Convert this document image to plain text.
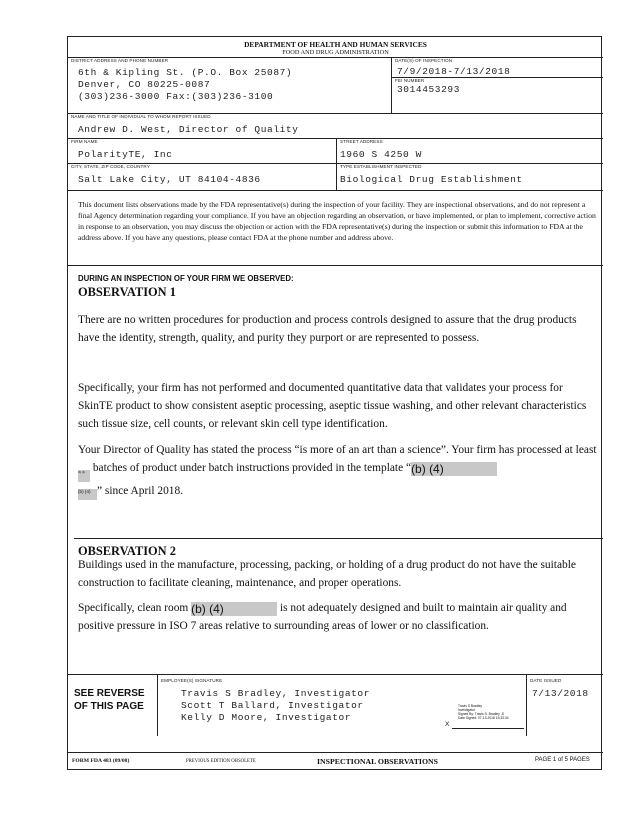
DEPARTMENT OF HEALTH AND HUMAN SERVICES
FOOD AND DRUG ADMINISTRATION
DISTRICT ADDRESS AND PHONE NUMBER
6th & Kipling St. (P.O. Box 25087)
Denver, CO 80225-0087
(303)236-3000 Fax:(303)236-3100
DATE(S) OF INSPECTION
7/9/2018-7/13/2018
FEI NUMBER
3014453293
NAME AND TITLE OF INDIVIDUAL TO WHOM REPORT ISSUED
Andrew D. West, Director of Quality
FIRM NAME
PolarityTE, Inc
STREET ADDRESS
1960 S 4250 W
CITY, STATE, ZIP CODE, COUNTRY
Salt Lake City, UT 84104-4836
TYPE ESTABLISHMENT INSPECTED
Biological Drug Establishment
This document lists observations made by the FDA representative(s) during the inspection of your facility. They are inspectional observations, and do not represent a final Agency determination regarding your compliance. If you have an objection regarding an observation, or have implemented, or plan to implement, corrective action in response to an observation, you may discuss the objection or action with the FDA representative(s) during the inspection or submit this information to FDA at the address above. If you have any questions, please contact FDA at the phone number and address above.
DURING AN INSPECTION OF YOUR FIRM WE OBSERVED:
OBSERVATION 1
There are no written procedures for production and process controls designed to assure that the drug products have the identity, strength, quality, and purity they purport or are represented to possess.
Specifically, your firm has not performed and documented quantitative data that validates your process for SkinTE product to show consistent aseptic processing, aseptic tissue washing, and other relevant characteristics such tissue size, cell counts, or relevant skin cell type identification.
Your Director of Quality has stated the process “is more of an art than a science”. Your firm has processed at least(b) (4) batches of product under batch instructions provided in the template “(b) (4)
(b) (4) ” since April 2018.
OBSERVATION 2
Buildings used in the manufacture, processing, packing, or holding of a drug product do not have the suitable construction to facilitate cleaning, maintenance, and proper operations.
Specifically, clean room (b) (4)	is not adequately designed and built to maintain air quality and positive pressure in ISO 7 areas relative to surrounding areas of lower or no classification.
SEE REVERSE
OF THIS PAGE
EMPLOYEE(S) SIGNATURE
Travis S Bradley, Investigator
Scott T Ballard, Investigator
Kelly D Moore, Investigator
Travis S Bradley
Investigator
Signed By: Travis S. Bradley -S
Date Signed: 07-13-2018 15:33:34
X
DATE ISSUED
7/13/2018
FORM FDA 483 (09/08)	PREVIOUS EDITION OBSOLETE	INSPECTIONAL OBSERVATIONS	PAGE 1 of 5 PAGES
